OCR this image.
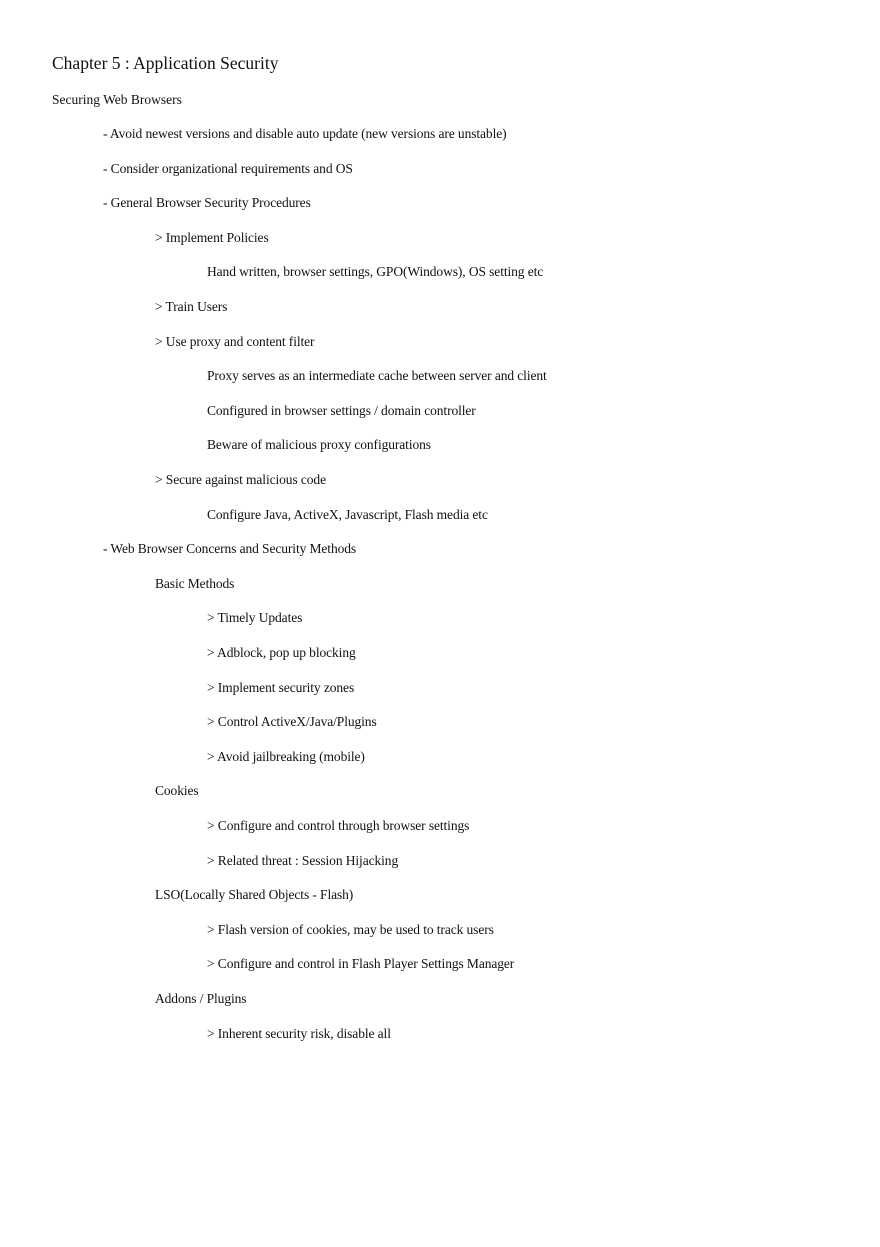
Chapter 5 : Application Security
Securing Web Browsers
- Avoid newest versions and disable auto update (new versions are unstable)
- Consider organizational requirements and OS
- General Browser Security Procedures
> Implement Policies
Hand written, browser settings, GPO(Windows), OS setting etc
> Train Users
> Use proxy and content filter
Proxy serves as an intermediate cache between server and client
Configured in browser settings / domain controller
Beware of malicious proxy configurations
> Secure against malicious code
Configure Java, ActiveX, Javascript, Flash media etc
- Web Browser Concerns and Security Methods
Basic Methods
> Timely Updates
> Adblock, pop up blocking
> Implement security zones
> Control ActiveX/Java/Plugins
> Avoid jailbreaking (mobile)
Cookies
> Configure and control through browser settings
> Related threat : Session Hijacking
LSO(Locally Shared Objects - Flash)
> Flash version of cookies, may be used to track users
> Configure and control in Flash Player Settings Manager
Addons / Plugins
> Inherent security risk, disable all
